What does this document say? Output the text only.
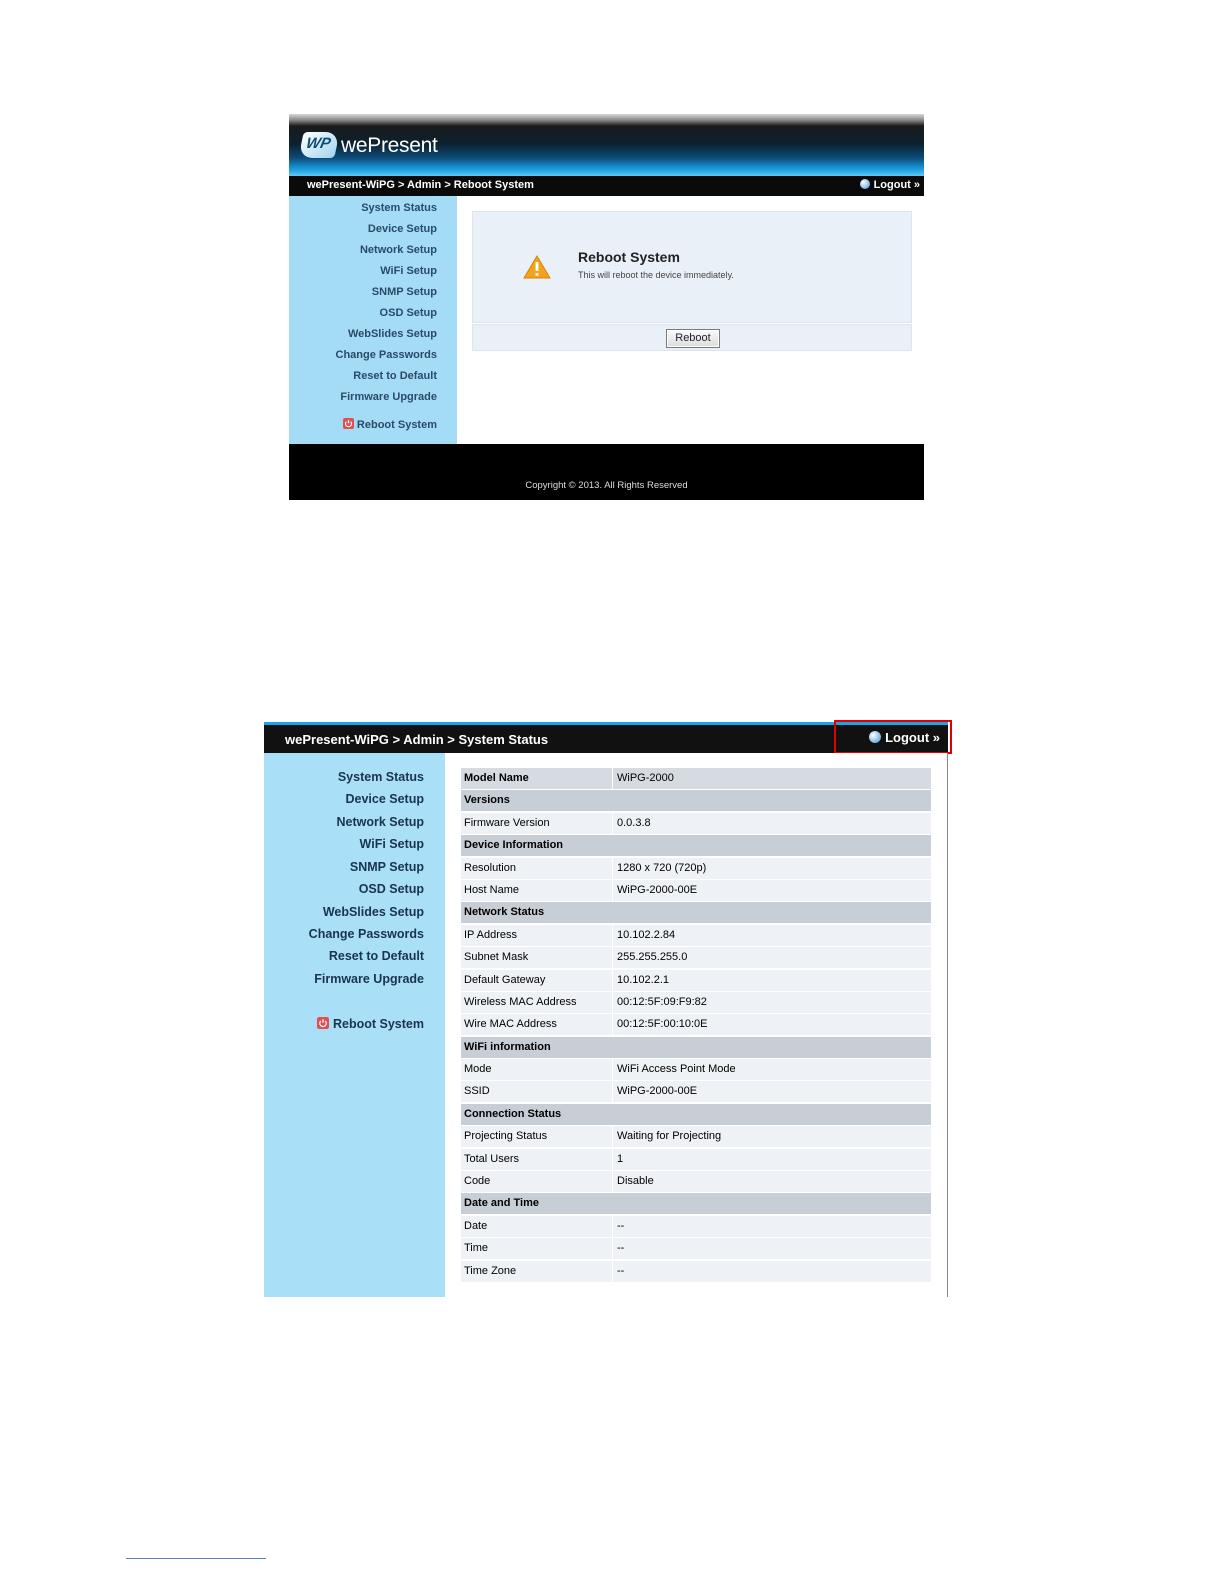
WP wePresent
wePresent-WiPG > Admin > Reboot System	Logout »
System Status
Device Setup
Network Setup
WiFi Setup
SNMP Setup
OSD Setup
WebSlides Setup
Change Passwords
Reset to Default
Firmware Upgrade
Reboot System
Reboot System
This will reboot the device immediately.
Reboot
Copyright © 2013. All Rights Reserved
wePresent-WiPG > Admin > System Status	Logout »
System Status
Device Setup
Network Setup
WiFi Setup
SNMP Setup
OSD Setup
WebSlides Setup
Change Passwords
Reset to Default
Firmware Upgrade
Reboot System
Model Name	WiPG-2000
Versions
Firmware Version	0.0.3.8
Device Information
Resolution	1280 x 720 (720p)
Host Name	WiPG-2000-00E
Network Status
IP Address	10.102.2.84
Subnet Mask	255.255.255.0
Default Gateway	10.102.2.1
Wireless MAC Address	00:12:5F:09:F9:82
Wire MAC Address	00:12:5F:00:10:0E
WiFi information
Mode	WiFi Access Point Mode
SSID	WiPG-2000-00E
Connection Status
Projecting Status	Waiting for Projecting
Total Users	1
Code	Disable
Date and Time
Date	--
Time	--
Time Zone	--
